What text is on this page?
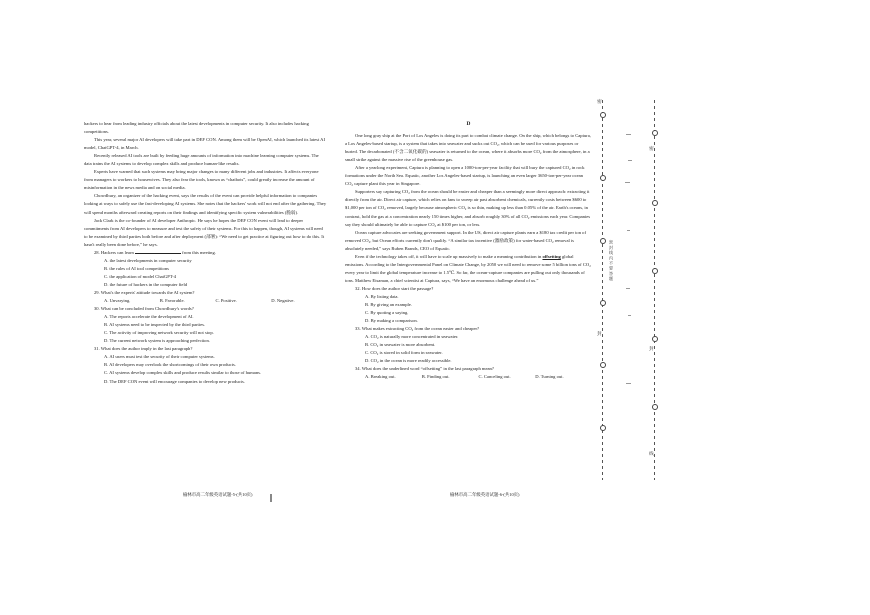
hackers to hear from leading industry officials about the latest developments in computer security. It also includes hacking competitions.

This year, several major AI developers will take part in DEF CON. Among them will be OpenAI, which launched its latest AI model, ChatGPT-4, in March.

Recently released AI tools are built by feeding huge amounts of information into machine learning computer systems. The data trains the AI systems to develop complex skills and produce human-like results.

Experts have warned that such systems may bring major changes to many different jobs and industries. It affects everyone from managers to workers to housewives. They also fear the tools, known as “chatbots”, could greatly increase the amount of misinformation in the news media and on social media.

Chowdhury, an organizer of the hacking event, says the results of the event can provide helpful information to companies looking at ways to safely use the fast-developing AI systems. She notes that the hackers' work will not end after the gathering. They will spend months afterward creating reports on their findings and identifying specific system vulnerabilities (脆弱).

Jack Clark is the co-founder of AI developer Anthropic. He says he hopes the DEF CON event will lead to deeper commitments from AI developers to measure and test the safety of their systems. For this to happen, though, AI systems will need to be examined by third parties both before and after deployment (部署): “We need to get practice at figuring out how to do this. It hasn't really been done before,” he says.

28. Hackers can learn	from this meeting.

A. the latest developments in computer security

B. the rules of AI tool competitions

C. the application of model ChatGPT-4

D. the future of hackers in the computer field

29. What's the experts' attitude towards the AI system?

A. Unvarying.	B. Favorable.	C. Positive.	D. Negative.

30. What can be concluded from Chowdhury's words?

A. The reports accelerate the development of AI.

B. AI systems need to be inspected by the third parties.

C. The activity of improving network security will not stop.

D. The current network system is approaching perfection.

31. What does the author imply in the last paragraph?

A. AI users must test the security of their computer systems.

B. AI developers may overlook the shortcomings of their own products.

C. AI systems develop complex skills and produce results similar to those of humans.

D. The DEF CON event will encourage companies to develop new products.

榆林市高二年级英语试题-5-(共10页)

D

One long gray ship at the Port of Los Angeles is doing its part to combat climate change. On the ship, which belongs to Captura, a Los Angeles-based startup, is a system that takes into seawater and sucks out CO₂, which can be used for various purposes or buried. The decarbonated (不含二氧化碳的) seawater is returned to the ocean, where it absorbs more CO₂ from the atmosphere, in a small strike against the massive rise of the greenhouse gas.

After a yearlong experiment, Captura is planning to open a 1000-ton-per-year facility that will bury the captured CO₂ in rock formations under the North Sea. Equatic, another Los Angeles-based startup, is launching an even larger 3650-ton-per-year ocean CO₂ capture plant this year in Singapore.

Supporters say capturing CO₂ from the ocean should be easier and cheaper than a seemingly more direct approach: extracting it directly from the air. Direct air capture, which relies on fans to sweep air past absorbent chemicals, currently costs between $600 to $1,000 per ton of CO₂ removed, largely because atmospheric CO₂ is so thin, making up less than 0.05% of the air. Earth's oceans, in contrast, hold the gas at a concentration nearly 150 times higher, and absorb roughly 30% of all CO₂ emissions each year. Companies say they should ultimately be able to capture CO₂ at $100 per ton, or less.

Ocean capture advocates are seeking government support. In the US, direct air capture plants earn a $180 tax credit per ton of removed CO₂, but Ocean efforts currently don't qualify. “A similar tax incentive (激励政策) for water-based CO₂ removal is absolutely needed,” says Ruben Brands, CEO of Equatic.

Even if the technology takes off, it will have to scale up massively to make a meaning contribution in offsetting global emissions. According to the Intergovernmental Panel on Climate Change, by 2050 we will need to remove some 5 billion tons of CO₂ every year to limit the global temperature increase to 1.5℃. So far, the ocean-capture companies are pulling out only thousands of tons. Matthew Eisaman, a chief scientist at Captura, says, “We have an enormous challenge ahead of us.”

32. How does the author start the passage?

A. By listing data.
B. By giving an example.
C. By quoting a saying.
D. By making a comparison.

33. What makes extracting CO₂ from the ocean easier and cheaper?

A. CO₂ is naturally more concentrated in seawater.

B. CO₂ in seawater is more absorbent.

C. CO₂ is stored in solid form in seawater.

D. CO₂ in the ocean is more readily accessible.

34. What does the underlined word “offsetting” in the last paragraph mean?

A. Breaking out.	B. Finding out.	C. Canceling out.	D. Turning out.
榆林市高二年级英语试题-6-(共10页)
密
封
密
封
线
密封线内不要答题
